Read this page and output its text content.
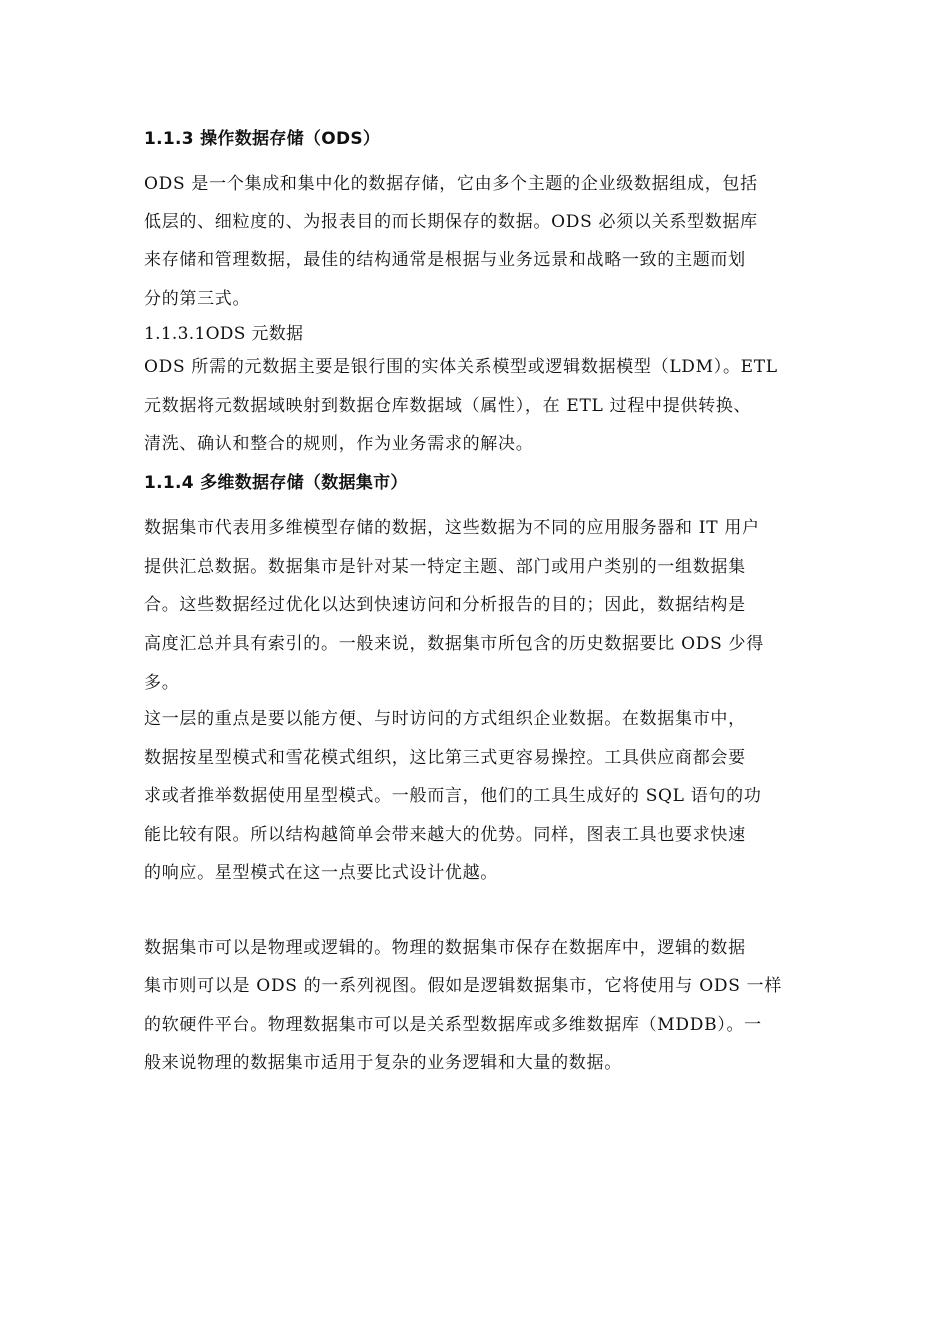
1.1.3 操作数据存储（ODS）
ODS 是一个集成和集中化的数据存储，它由多个主题的企业级数据组成，包括
低层的、细粒度的、为报表目的而长期保存的数据。ODS 必须以关系型数据库
来存储和管理数据，最佳的结构通常是根据与业务远景和战略一致的主题而划
分的第三式。
1.1.3.1ODS 元数据
ODS 所需的元数据主要是银行围的实体关系模型或逻辑数据模型（LDM）。ETL
元数据将元数据域映射到数据仓库数据域（属性），在 ETL 过程中提供转换、
清洗、确认和整合的规则，作为业务需求的解决。
1.1.4 多维数据存储（数据集市）
数据集市代表用多维模型存储的数据，这些数据为不同的应用服务器和 IT 用户
提供汇总数据。数据集市是针对某一特定主题、部门或用户类别的一组数据集
合。这些数据经过优化以达到快速访问和分析报告的目的；因此，数据结构是
高度汇总并具有索引的。一般来说，数据集市所包含的历史数据要比 ODS 少得
多。
这一层的重点是要以能方便、与时访问的方式组织企业数据。在数据集市中，
数据按星型模式和雪花模式组织，这比第三式更容易操控。工具供应商都会要
求或者推举数据使用星型模式。一般而言，他们的工具生成好的 SQL 语句的功
能比较有限。所以结构越简单会带来越大的优势。同样，图表工具也要求快速
的响应。星型模式在这一点要比式设计优越。
数据集市可以是物理或逻辑的。物理的数据集市保存在数据库中，逻辑的数据
集市则可以是 ODS 的一系列视图。假如是逻辑数据集市，它将使用与 ODS 一样
的软硬件平台。物理数据集市可以是关系型数据库或多维数据库（MDDB）。一
般来说物理的数据集市适用于复杂的业务逻辑和大量的数据。
